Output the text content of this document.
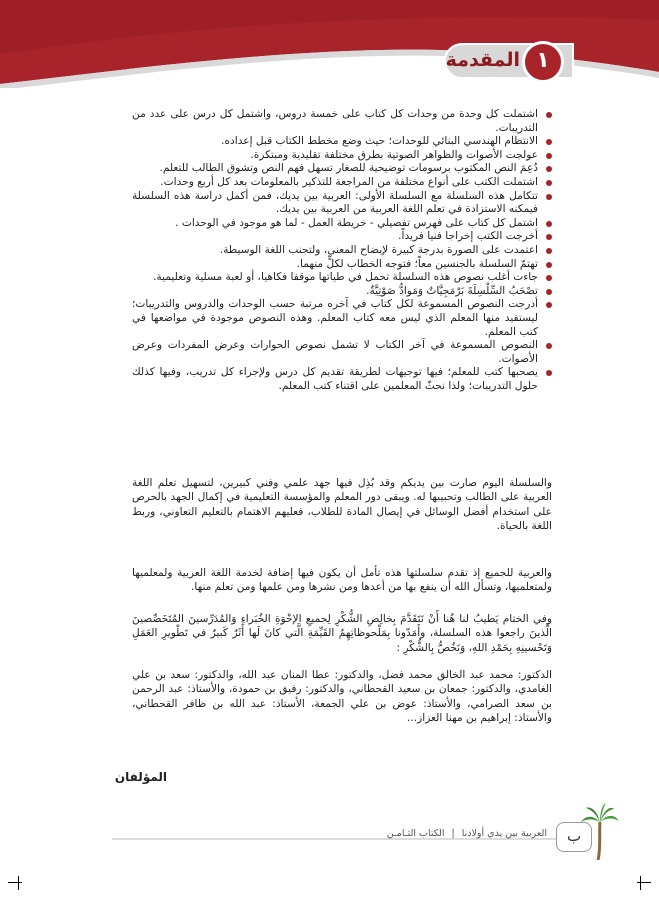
المقدمة ١
اشتملت كل وحدة من وحدات كل كتاب على خمسة دروس، واشتمل كل درس على عدد من التدريبات.
الانتظام الهندسي البنائي للوحدات؛ حيث وضع مخطط الكتاب قبل إعداده.
عولجت الأصوات والظواهر الصوتية بطرق مختلفة تقليدية ومبتكرة.
دُعِمَ النص المكتوب برسومات توضيحية للصغار تسهل فهم النص وتشوق الطالب للتعلم.
اشتملت الكتب على أنواع مختلفة من المراجعة للتذكير بالمعلومات بعد كل أربع وحدات.
تتكامل هذه السلسلة مع السلسلة الأولى: العربية بين يديك، فمن أكمل دراسة هذه السلسلة فيمكنه الاستزادة في تعلم اللغة العربية من العربية بين يديك.
اشتمل كل كتاب على فهرس تفصيلي - خريطة العمل - لما هو موجود في الوحدات .
أخرجت الكتب إخراجا فنيا فريداً.
اعتمدت على الصورة بدرجة كبيرة لإيضاح المعنى، ولتجنب اللغة الوسيطة.
تهتمّ السلسلة بالجنسين معاً؛ فتوجه الخطاب لكلٍّ منهما.
جاءت أغلب نصوص هذه السلسلة تحمل في طياتها موقفا فكاهيا، أو لعبة مسلية وتعليمية.
تصْحَبُ السِّلْسِلَةَ بَرْمَجِيَّاتٌ وَمَوادُّ صَوْتِيَّةٌ.
أدرجت النصوص المسموعة لكل كتاب في آخره مرتبة حسب الوحدات والدروس والتدريبات؛ ليستفيد منها المعلم الذي ليس معه كتاب المعلم. وهذه النصوص موجودة في مواضعها في كتب المعلم.
النصوص المسموعة في آخر الكتاب لا تشمل نصوص الحوارات وعرض المفردات وعرض الأصوات.
يصحبها كتب للمعلم؛ فيها توجيهات لطريقة تقديم كل درس ولإجراء كل تدريب، وفيها كذلك حلول التدريبات؛ ولذا نحثّ المعلمين على اقتناء كتب المعلم.

والسلسلة اليوم صارت بين يديكم وقد بُذِل فيها جهد علمي وفني كبيرين، لتسهيل تعلم اللغة العربية على الطالب وتحبيبها له. ويبقى دور المعلم والمؤسسة التعليمية في إكمال الجهد بالحرص على استخدام أفضل الوسائل في إيصال المادة للطلاب، فعليهم الاهتمام بالتعليم التعاوني، وربط اللغة بالحياة.

والعربية للجميع إذ تقدم سلسلتها هذه تأمل أن يكون فيها إضافة لخدمة اللغة العربية ولمعلميها ولمتعلميها، وتسأل الله أن ينفع بها من أعدها ومن نشرها ومن علمها ومن تعلم منها.

وفي الختام يَطيبُ لنا هُنا أَنْ نَتَقَدَّمَ بِخالِصِ الشُّكْرِ لِجميعِ الإخْوَةِ الخُبَراءِ وَالمُدَرِّسينَ المُتَخَصِّصينَ الَّذينَ راجعوا هذه السلسلة، وأَمَدّونا بِمَلْحوظاتِهِمُ القَيِّمَةِ الَّتي كانَ لَها أَثَرٌ كَبيرٌ في تَطْويرِ العَمَلِ وَتَحْسينِهِ بِحَمْدِ اللهِ، وَنَخُصُّ بِالشُّكْرِ :

الدكتور: محمد عبد الخالق محمد فضل، والدكتور: عطا المنان عبد الله، والدكتور: سعد بن علي الغامدي، والدكتور: جمعان بن سعيد القحطاني، والدكتور: رفيق بن حمودة، والأستاذ: عبد الرحمن بن سعد الصرامي، والأستاذ: عوض بن علي الجمعة، الأستاذ: عبد الله بن ظافر القحطاني، والأستاذ: إبراهيم بن مهنا العزاز...

المؤلفان
العربية بين يدي أولادنا | الكتاب الثـامـن	ب
